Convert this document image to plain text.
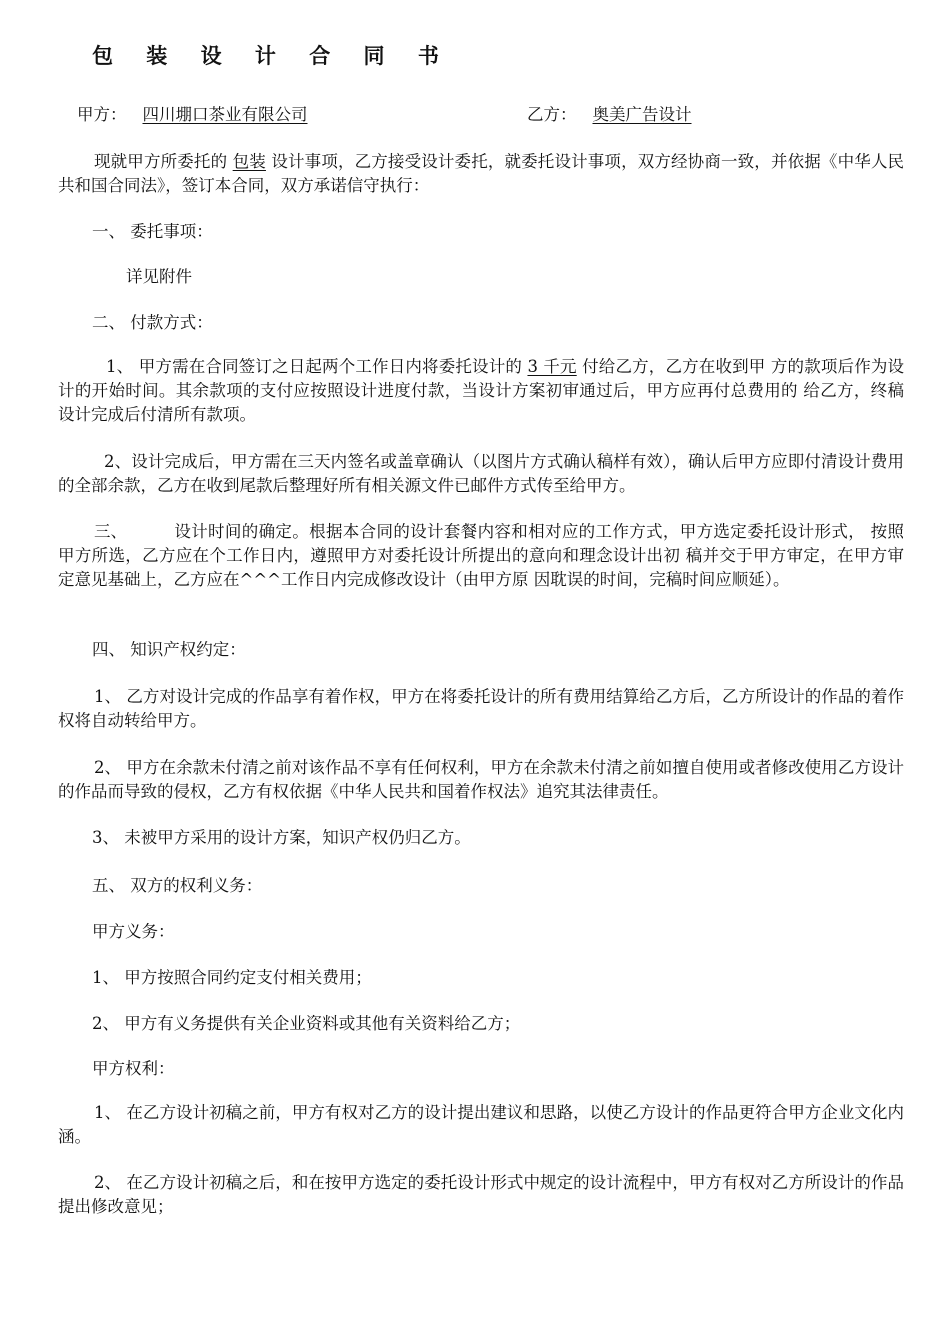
包 装 设 计 合 同 书
甲方： 四川堋口茶业有限公司	乙方： 奥美广告设计

现就甲方所委托的 包装 设计事项，乙方接受设计委托，就委托设计事项，双方经协商一致，并依据《中华人民共和国合同法》，签订本合同，双方承诺信守执行：

一、 委托事项：

详见附件

二、 付款方式：

1、 甲方需在合同签订之日起两个工作日内将委托设计的 3 千元 付给乙方，乙方在收到甲 方的款项后作为设计的开始时间。其余款项的支付应按照设计进度付款，当设计方案初审通过后，甲方应再付总费用的 给乙方，终稿设计完成后付清所有款项。

2、设计完成后，甲方需在三天内签名或盖章确认（以图片方式确认稿样有效），确认后甲方应即付清设计费用的全部余款，乙方在收到尾款后整理好所有相关源文件已邮件方式传至给甲方。

三、	设计时间的确定。根据本合同的设计套餐内容和相对应的工作方式，甲方选定委托设计形式， 按照甲方所选，乙方应在个工作日内，遵照甲方对委托设计所提出的意向和理念设计出初 稿并交于甲方审定，在甲方审定意见基础上，乙方应在^^^工作日内完成修改设计（由甲方原 因耽误的时间，完稿时间应顺延）。

四、 知识产权约定：

1、 乙方对设计完成的作品享有着作权，甲方在将委托设计的所有费用结算给乙方后，乙方所设计的作品的着作权将自动转给甲方。

2、 甲方在余款未付清之前对该作品不享有任何权利，甲方在余款未付清之前如擅自使用或者修改使用乙方设计的作品而导致的侵权，乙方有权依据《中华人民共和国着作权法》追究其法律责任。

3、 未被甲方采用的设计方案，知识产权仍归乙方。

五、 双方的权利义务：

甲方义务：

1、 甲方按照合同约定支付相关费用；

2、 甲方有义务提供有关企业资料或其他有关资料给乙方；

甲方权利：

1、 在乙方设计初稿之前，甲方有权对乙方的设计提出建议和思路，以使乙方设计的作品更符合甲方企业文化内涵。

2、 在乙方设计初稿之后，和在按甲方选定的委托设计形式中规定的设计流程中，甲方有权对乙方所设计的作品提出修改意见；
